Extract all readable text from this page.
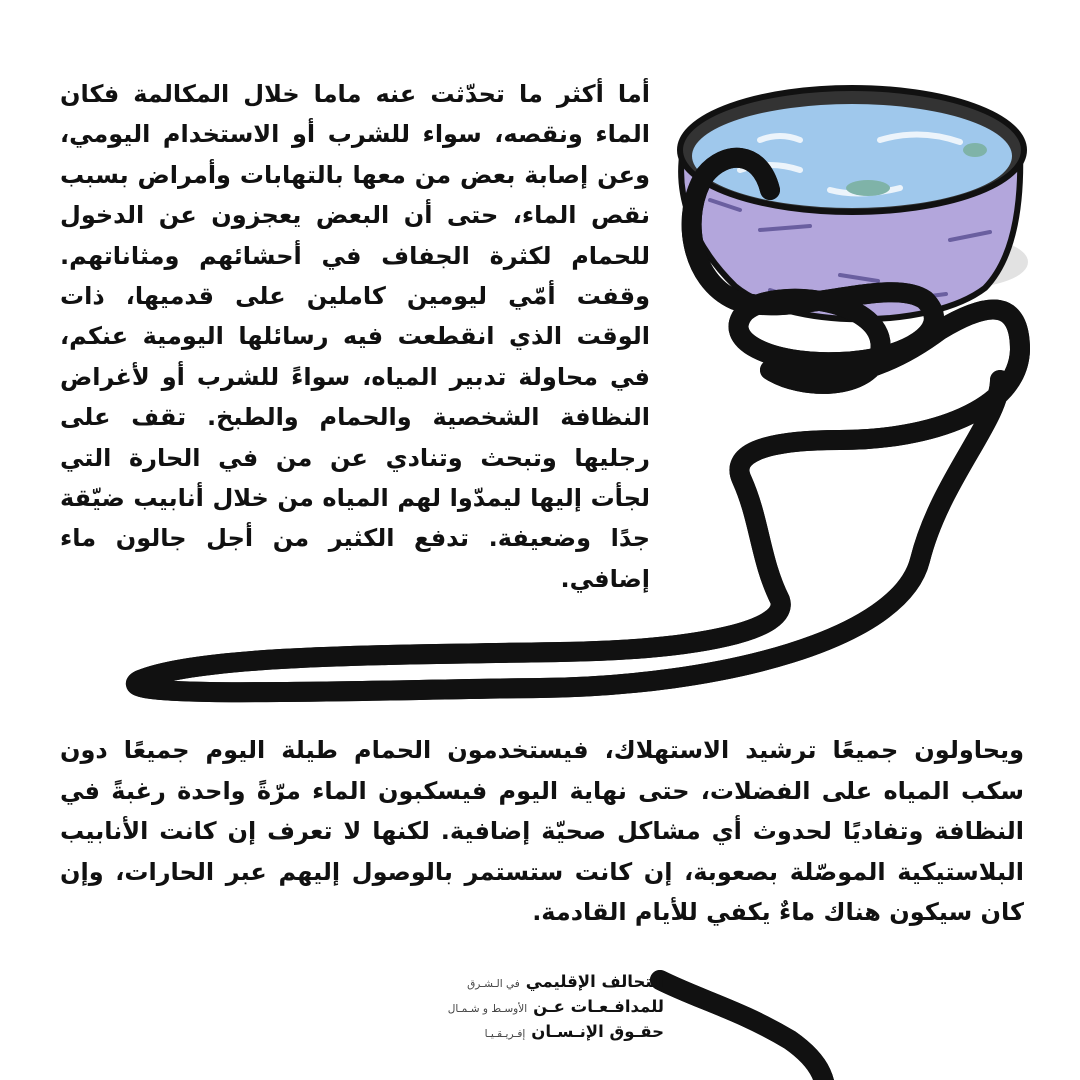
أما أكثر ما تحدّثت عنه ماما خلال المكالمة فكان الماء ونقصه، سواء للشرب أو الاستخدام اليومي، وعن إصابة بعض من معها بالتهابات وأمراض بسبب نقص الماء، حتى أن البعض يعجزون عن الدخول للحمام لكثرة الجفاف في أحشائهم ومثاناتهم. وقفت أمّي ليومين كاملين على قدميها، ذات الوقت الذي انقطعت فيه رسائلها اليومية عنكم، في محاولة تدبير المياه، سواءً للشرب أو لأغراض النظافة الشخصية والحمام والطبخ. تقف على رجليها وتبحث وتنادي عن من في الحارة التي لجأت إليها ليمدّوا لهم المياه من خلال أنابيب ضيّقة جدًا وضعيفة. تدفع الكثير من أجل جالون ماء إضافي.

ويحاولون جميعًا ترشيد الاستهلاك، فيستخدمون الحمام طيلة اليوم جميعًا دون سكب المياه على الفضلات، حتى نهاية اليوم فيسكبون الماء مرّةً واحدة رغبةً في النظافة وتفاديًا لحدوث أي مشاكل صحيّة إضافية. لكنها لا تعرف إن كانت الأنابيب البلاستيكية الموصّلة بصعوبة، إن كانت ستستمر بالوصول إليهم عبر الحارات، وإن كان سيكون هناك ماءٌ يكفي للأيام القادمة.

التحالف الإقليمي
في الـشـرق
للمدافـعـات عـن
الأوسـط و شـمـال
حقـوق الإنـسـان
إفـريـقـيـا
